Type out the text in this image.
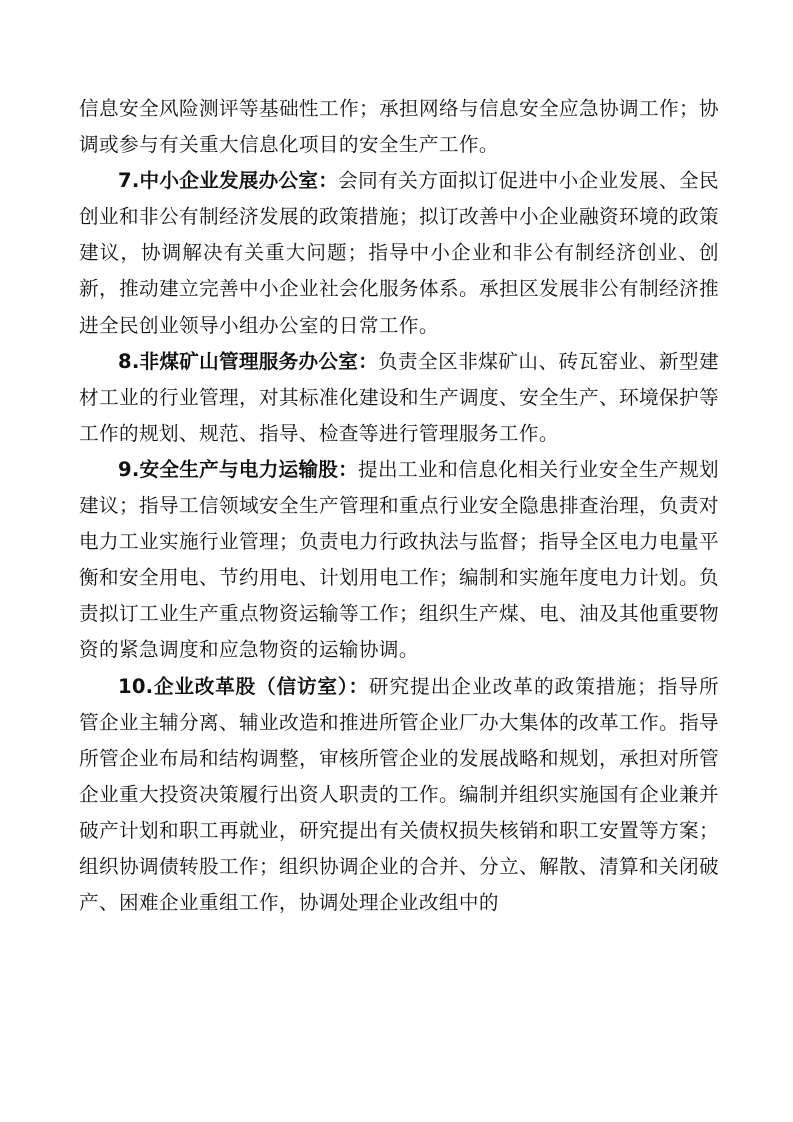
信息安全风险测评等基础性工作；承担网络与信息安全应急协调工作；协调或参与有关重大信息化项目的安全生产工作。

7.中小企业发展办公室：会同有关方面拟订促进中小企业发展、全民创业和非公有制经济发展的政策措施；拟订改善中小企业融资环境的政策建议，协调解决有关重大问题；指导中小企业和非公有制经济创业、创新，推动建立完善中小企业社会化服务体系。承担区发展非公有制经济推进全民创业领导小组办公室的日常工作。

8.非煤矿山管理服务办公室：负责全区非煤矿山、砖瓦窑业、新型建材工业的行业管理，对其标准化建设和生产调度、安全生产、环境保护等工作的规划、规范、指导、检查等进行管理服务工作。

9.安全生产与电力运输股：提出工业和信息化相关行业安全生产规划建议；指导工信领域安全生产管理和重点行业安全隐患排查治理，负责对电力工业实施行业管理；负责电力行政执法与监督；指导全区电力电量平衡和安全用电、节约用电、计划用电工作；编制和实施年度电力计划。负责拟订工业生产重点物资运输等工作；组织生产煤、电、油及其他重要物资的紧急调度和应急物资的运输协调。

10.企业改革股（信访室）：研究提出企业改革的政策措施；指导所管企业主辅分离、辅业改造和推进所管企业厂办大集体的改革工作。指导所管企业布局和结构调整，审核所管企业的发展战略和规划，承担对所管企业重大投资决策履行出资人职责的工作。编制并组织实施国有企业兼并破产计划和职工再就业，研究提出有关债权损失核销和职工安置等方案；组织协调债转股工作；组织协调企业的合并、分立、解散、清算和关闭破产、困难企业重组工作，协调处理企业改组中的
